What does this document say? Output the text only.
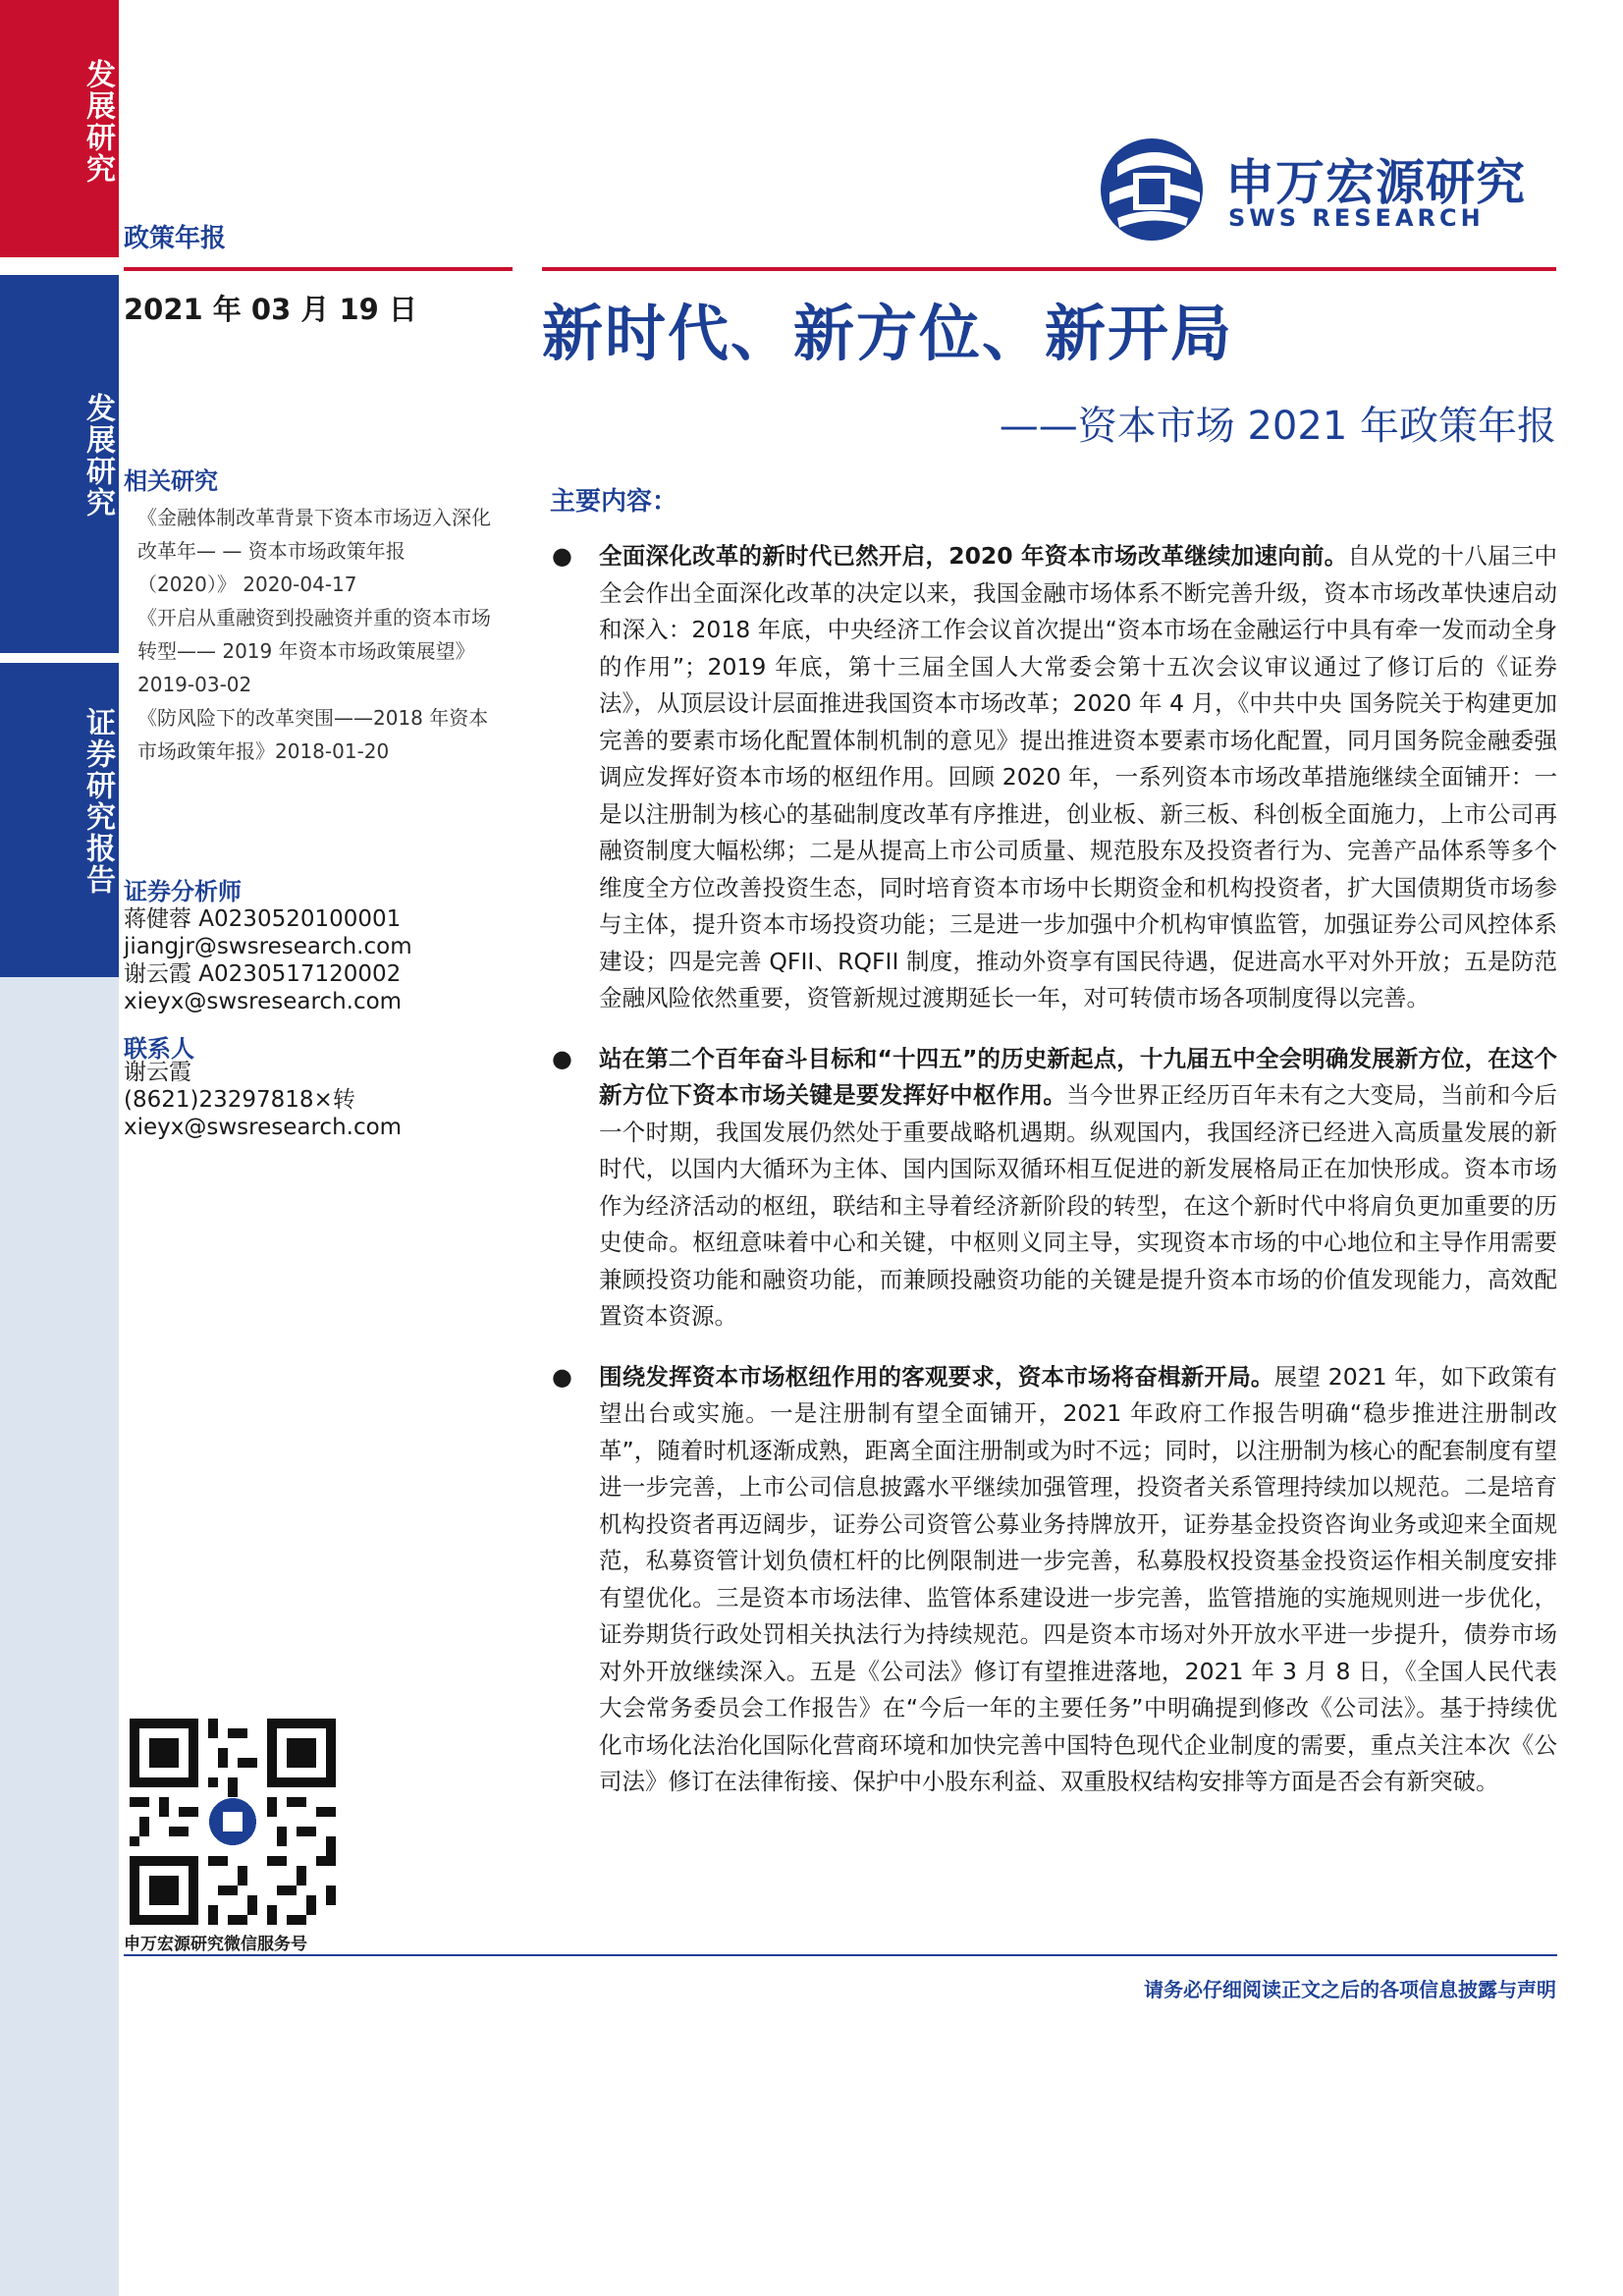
发展研究
发展研究
证券研究报告
申万宏源研究
SWS RESEARCH
政策年报
2021 年 03 月 19 日 新时代、新方位、新开局
——资本市场 2021 年政策年报
相关研究
《金融体制改革背景下资本市场迈入深化改革年— — 资本市场政策年报（2020）》 2020-04-17
《开启从重融资到投融资并重的资本市场转型—— 2019 年资本市场政策展望》2019-03-02
《防风险下的改革突围——2018 年资本市场政策年报》2018-01-20
证券分析师
蒋健蓉 A0230520100001
jiangjr@swsresearch.com
谢云霞 A0230517120002
xieyx@swsresearch.com
联系人
谢云霞
(8621)23297818×转
xieyx@swsresearch.com
申万宏源研究微信服务号
主要内容：
● 全面深化改革的新时代已然开启，2020 年资本市场改革继续加速向前。自从党的十八届三中全会作出全面深化改革的决定以来，我国金融市场体系不断完善升级，资本市场改革快速启动和深入：2018 年底，中央经济工作会议首次提出“资本市场在金融运行中具有牵一发而动全身的作用”；2019 年底，第十三届全国人大常委会第十五次会议审议通过了修订后的《证券法》，从顶层设计层面推进我国资本市场改革；2020 年 4 月，《中共中央 国务院关于构建更加完善的要素市场化配置体制机制的意见》提出推进资本要素市场化配置，同月国务院金融委强调应发挥好资本市场的枢纽作用。回顾 2020 年，一系列资本市场改革措施继续全面铺开：一是以注册制为核心的基础制度改革有序推进，创业板、新三板、科创板全面施力，上市公司再融资制度大幅松绑；二是从提高上市公司质量、规范股东及投资者行为、完善产品体系等多个维度全方位改善投资生态，同时培育资本市场中长期资金和机构投资者，扩大国债期货市场参与主体，提升资本市场投资功能；三是进一步加强中介机构审慎监管，加强证券公司风控体系建设；四是完善 QFII、RQFII 制度，推动外资享有国民待遇，促进高水平对外开放；五是防范金融风险依然重要，资管新规过渡期延长一年，对可转债市场各项制度得以完善。
● 站在第二个百年奋斗目标和“十四五”的历史新起点，十九届五中全会明确发展新方位，在这个新方位下资本市场关键是要发挥好中枢作用。当今世界正经历百年未有之大变局，当前和今后一个时期，我国发展仍然处于重要战略机遇期。纵观国内，我国经济已经进入高质量发展的新时代，以国内大循环为主体、国内国际双循环相互促进的新发展格局正在加快形成。资本市场作为经济活动的枢纽，联结和主导着经济新阶段的转型，在这个新时代中将肩负更加重要的历史使命。枢纽意味着中心和关键，中枢则义同主导，实现资本市场的中心地位和主导作用需要兼顾投资功能和融资功能，而兼顾投融资功能的关键是提升资本市场的价值发现能力，高效配置资本资源。
● 围绕发挥资本市场枢纽作用的客观要求，资本市场将奋楫新开局。展望 2021 年，如下政策有望出台或实施。一是注册制有望全面铺开，2021 年政府工作报告明确“稳步推进注册制改革”，随着时机逐渐成熟，距离全面注册制或为时不远；同时，以注册制为核心的配套制度有望进一步完善，上市公司信息披露水平继续加强管理，投资者关系管理持续加以规范。二是培育机构投资者再迈阔步，证券公司资管公募业务持牌放开，证券基金投资咨询业务或迎来全面规范，私募资管计划负债杠杆的比例限制进一步完善，私募股权投资基金投资运作相关制度安排有望优化。三是资本市场法律、监管体系建设进一步完善，监管措施的实施规则进一步优化，证券期货行政处罚相关执法行为持续规范。四是资本市场对外开放水平进一步提升，债券市场对外开放继续深入。五是《公司法》修订有望推进落地，2021 年 3 月 8 日，《全国人民代表大会常务委员会工作报告》在“今后一年的主要任务”中明确提到修改《公司法》。基于持续优化市场化法治化国际化营商环境和加快完善中国特色现代企业制度的需要，重点关注本次《公司法》修订在法律衔接、保护中小股东利益、双重股权结构安排等方面是否会有新突破。
请务必仔细阅读正文之后的各项信息披露与声明
